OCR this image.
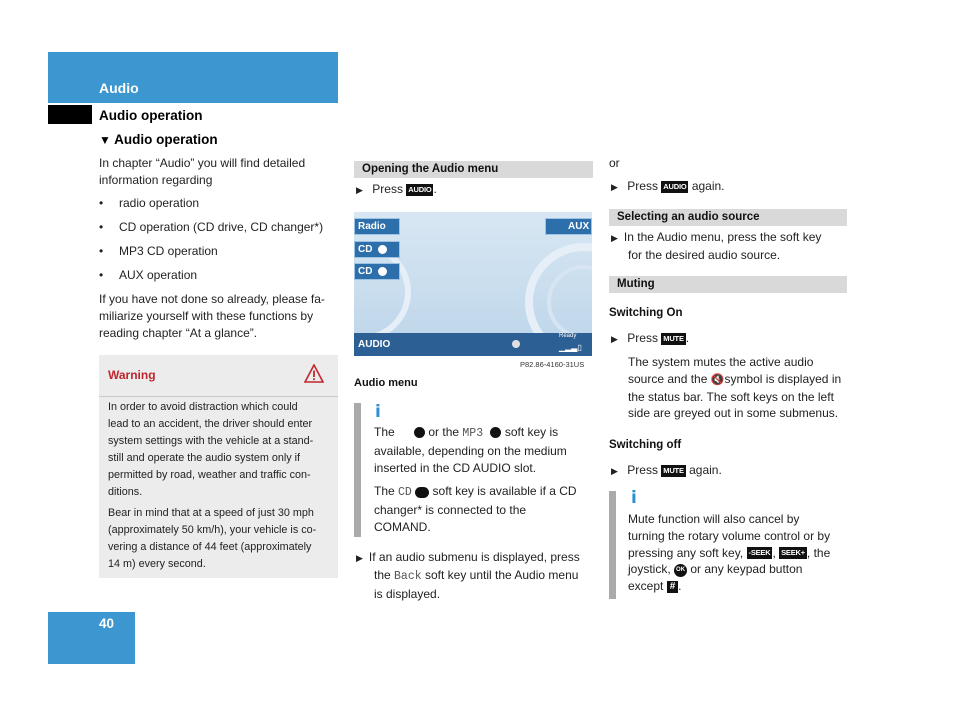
Audio
Audio operation
▼ Audio operation
In chapter “Audio” you will find detailed
information regarding
• radio operation
• CD operation (CD drive, CD changer*)
• MP3 CD operation
• AUX operation
If you have not done so already, please fa-
miliarize yourself with these functions by
reading chapter “At a glance”.
Warning
In order to avoid distraction which could
lead to an accident, the driver should enter
system settings with the vehicle at a stand-
still and operate the audio system only if
permitted by road, weather and traffic con-
ditions.
Bear in mind that at a speed of just 30 mph
(approximately 50 km/h), your vehicle is co-
vering a distance of 44 feet (approximately
14 m) every second.
40
Opening the Audio menu
▶ Press AUDIO .
Radio	AUX
CD
CD
AUDIO
Ready
▁▂▃▯
P82.86-4160-31US
Audio menu
i
The	or the MP3 soft key is
available, depending on the medium
inserted in the CD AUDIO slot.
The CD soft key is available if a CD
changer* is connected to the
COMAND.
▶ If an audio submenu is displayed, press
the Back soft key until the Audio menu
is displayed.
or
▶ Press AUDIO again.
Selecting an audio source
▶ In the Audio menu, press the soft key
for the desired audio source.
Muting
Switching On
▶ Press MUTE .
The system mutes the active audio
source and the 🔇symbol is displayed in
the status bar. The soft keys on the left
side are greyed out in some submenus.
Switching off
▶ Press MUTE again.
i
Mute function will also cancel by
turning the rotary volume control or by
pressing any soft key, -SEEK , SEEK+ , the
joystick, OK or any keypad button
except # .
